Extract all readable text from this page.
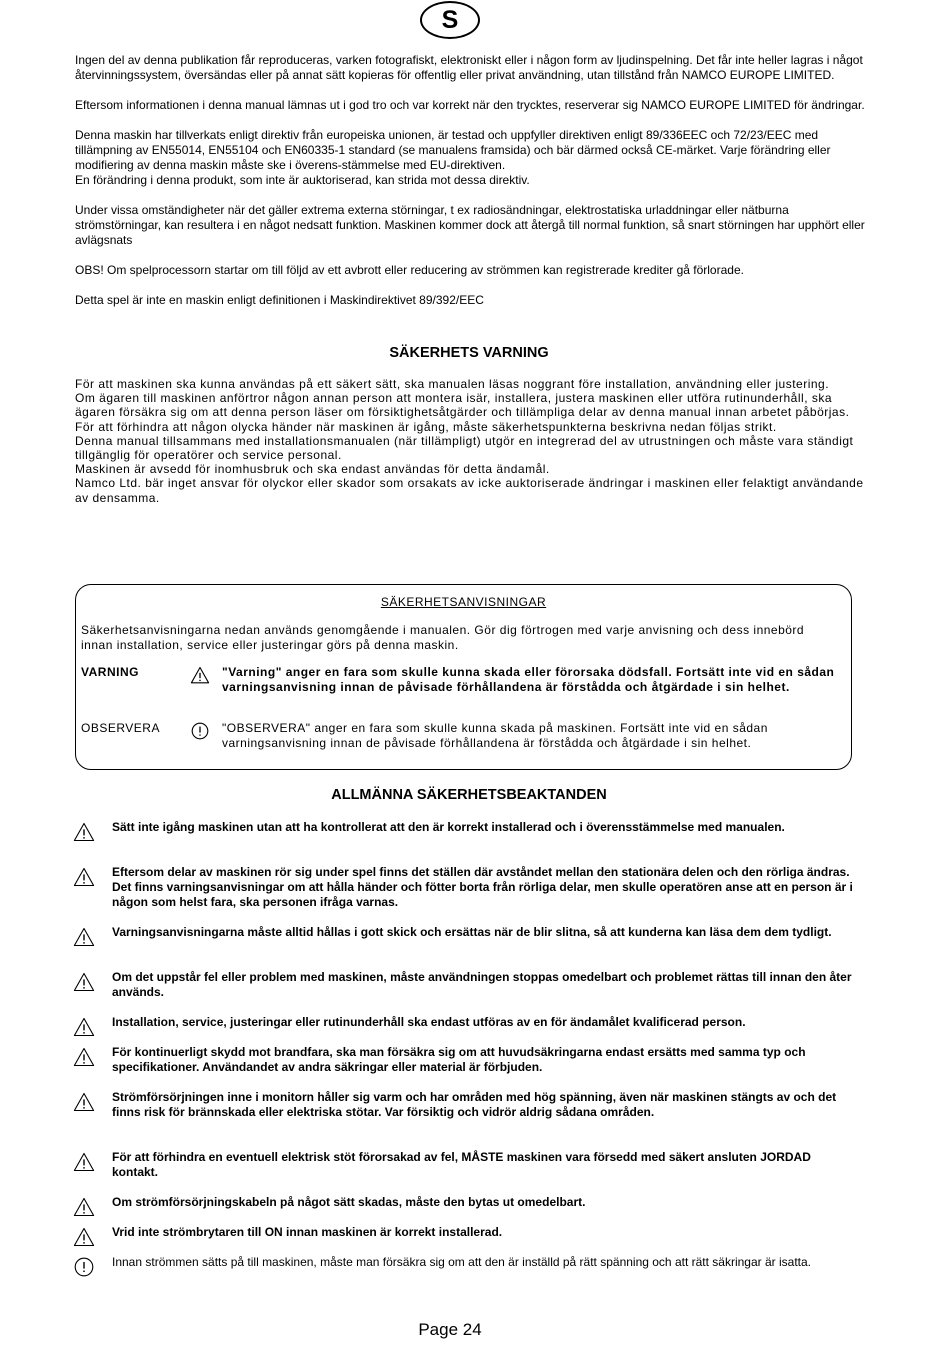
S

Ingen del av denna publikation får reproduceras, varken fotografiskt, elektroniskt eller i någon form av ljudinspelning. Det får inte heller lagras i något återvinningssystem, översändas eller på annat sätt kopieras för offentlig eller privat användning, utan tillstånd från NAMCO EUROPE LIMITED.

Eftersom informationen i denna manual lämnas ut i god tro och var korrekt när den trycktes, reserverar sig NAMCO EUROPE LIMITED för ändringar.

Denna maskin har tillverkats enligt direktiv från europeiska unionen, är testad och uppfyller direktiven enligt 89/336EEC och 72/23/EEC med tillämpning av EN55014, EN55104 och EN60335-1 standard (se manualens framsida) och bär därmed också CE-märket. Varje förändring eller modifiering av denna maskin måste ske i överens-stämmelse med EU-direktiven.
En förändring i denna produkt, som inte är auktoriserad, kan strida mot dessa direktiv.

Under vissa omständigheter när det gäller extrema externa störningar, t ex radiosändningar, elektrostatiska urladdningar eller nätburna strömstörningar, kan resultera i en något nedsatt funktion. Maskinen kommer dock att återgå till normal funktion, så snart störningen har upphört eller avlägsnats

OBS! Om spelprocessorn startar om till följd av ett avbrott eller reducering av strömmen kan registrerade krediter gå förlorade.

Detta spel är inte en maskin enligt definitionen i Maskindirektivet 89/392/EEC

SÄKERHETS VARNING

För att maskinen ska kunna användas på ett säkert sätt, ska manualen läsas noggrant före installation, användning eller justering.

Om ägaren till maskinen anförtror någon annan person att montera isär, installera, justera maskinen eller utföra rutinunderhåll, ska ägaren försäkra sig om att denna person läser om försiktighetsåtgärder och tillämpliga delar av denna manual innan arbetet påbörjas.

För att förhindra att någon olycka händer när maskinen är igång, måste säkerhetspunkterna beskrivna nedan följas strikt.

Denna manual tillsammans med installationsmanualen (när tillämpligt) utgör en integrerad del av utrustningen och måste vara ständigt tillgänglig för operatörer och service personal.

Maskinen är avsedd för inomhusbruk och ska endast användas för detta ändamål.

Namco Ltd. bär inget ansvar för olyckor eller skador som orsakats av icke auktoriserade ändringar i maskinen eller felaktigt användande av densamma.

SÄKERHETSANVISNINGAR
Säkerhetsanvisningarna nedan används genomgående i manualen. Gör dig förtrogen med varje anvisning och dess innebörd innan installation, service eller justeringar görs på denna maskin.
VARNING	"Varning" anger en fara som skulle kunna skada eller förorsaka dödsfall. Fortsätt inte vid en sådan varningsanvisning innan de påvisade förhållandena är förstådda och åtgärdade i sin helhet.
OBSERVERA	"OBSERVERA" anger en fara som skulle kunna skada på maskinen. Fortsätt inte vid en sådan varningsanvisning innan de påvisade förhållandena är förstådda och åtgärdade i sin helhet.
ALLMÄNNA SÄKERHETSBEAKTANDEN
Sätt inte igång maskinen utan att ha kontrollerat att den är korrekt installerad och i överensstämmelse med manualen.
Eftersom delar av maskinen rör sig under spel finns det ställen där avståndet mellan den stationära delen och den rörliga ändras. Det finns varningsanvisningar om att hålla händer och fötter borta från rörliga delar, men skulle operatören anse att en person är i någon som helst fara, ska personen ifråga varnas.
Varningsanvisningarna måste alltid hållas i gott skick och ersättas när de blir slitna, så att kunderna kan läsa dem dem tydligt.
Om det uppstår fel eller problem med maskinen, måste användningen stoppas omedelbart och problemet rättas till innan den åter används.
Installation, service, justeringar eller rutinunderhåll ska endast utföras av en för ändamålet kvalificerad person.
För kontinuerligt skydd mot brandfara, ska man försäkra sig om att huvudsäkringarna endast ersätts med samma typ och specifikationer. Användandet av andra säkringar eller material är förbjuden.
Strömförsörjningen inne i monitorn håller sig varm och har områden med hög spänning, även när maskinen stängts av och det finns risk för brännskada eller elektriska stötar. Var försiktig och vidrör aldrig sådana områden.
För att förhindra en eventuell elektrisk stöt förorsakad av fel, MÅSTE maskinen vara försedd med säkert ansluten JORDAD kontakt.
Om strömförsörjningskabeln på något sätt skadas, måste den bytas ut omedelbart.
Vrid inte strömbrytaren till ON innan maskinen är korrekt installerad.
Innan strömmen sätts på till maskinen, måste man försäkra sig om att den är inställd på rätt spänning och att rätt säkringar är isatta.
Page 24
